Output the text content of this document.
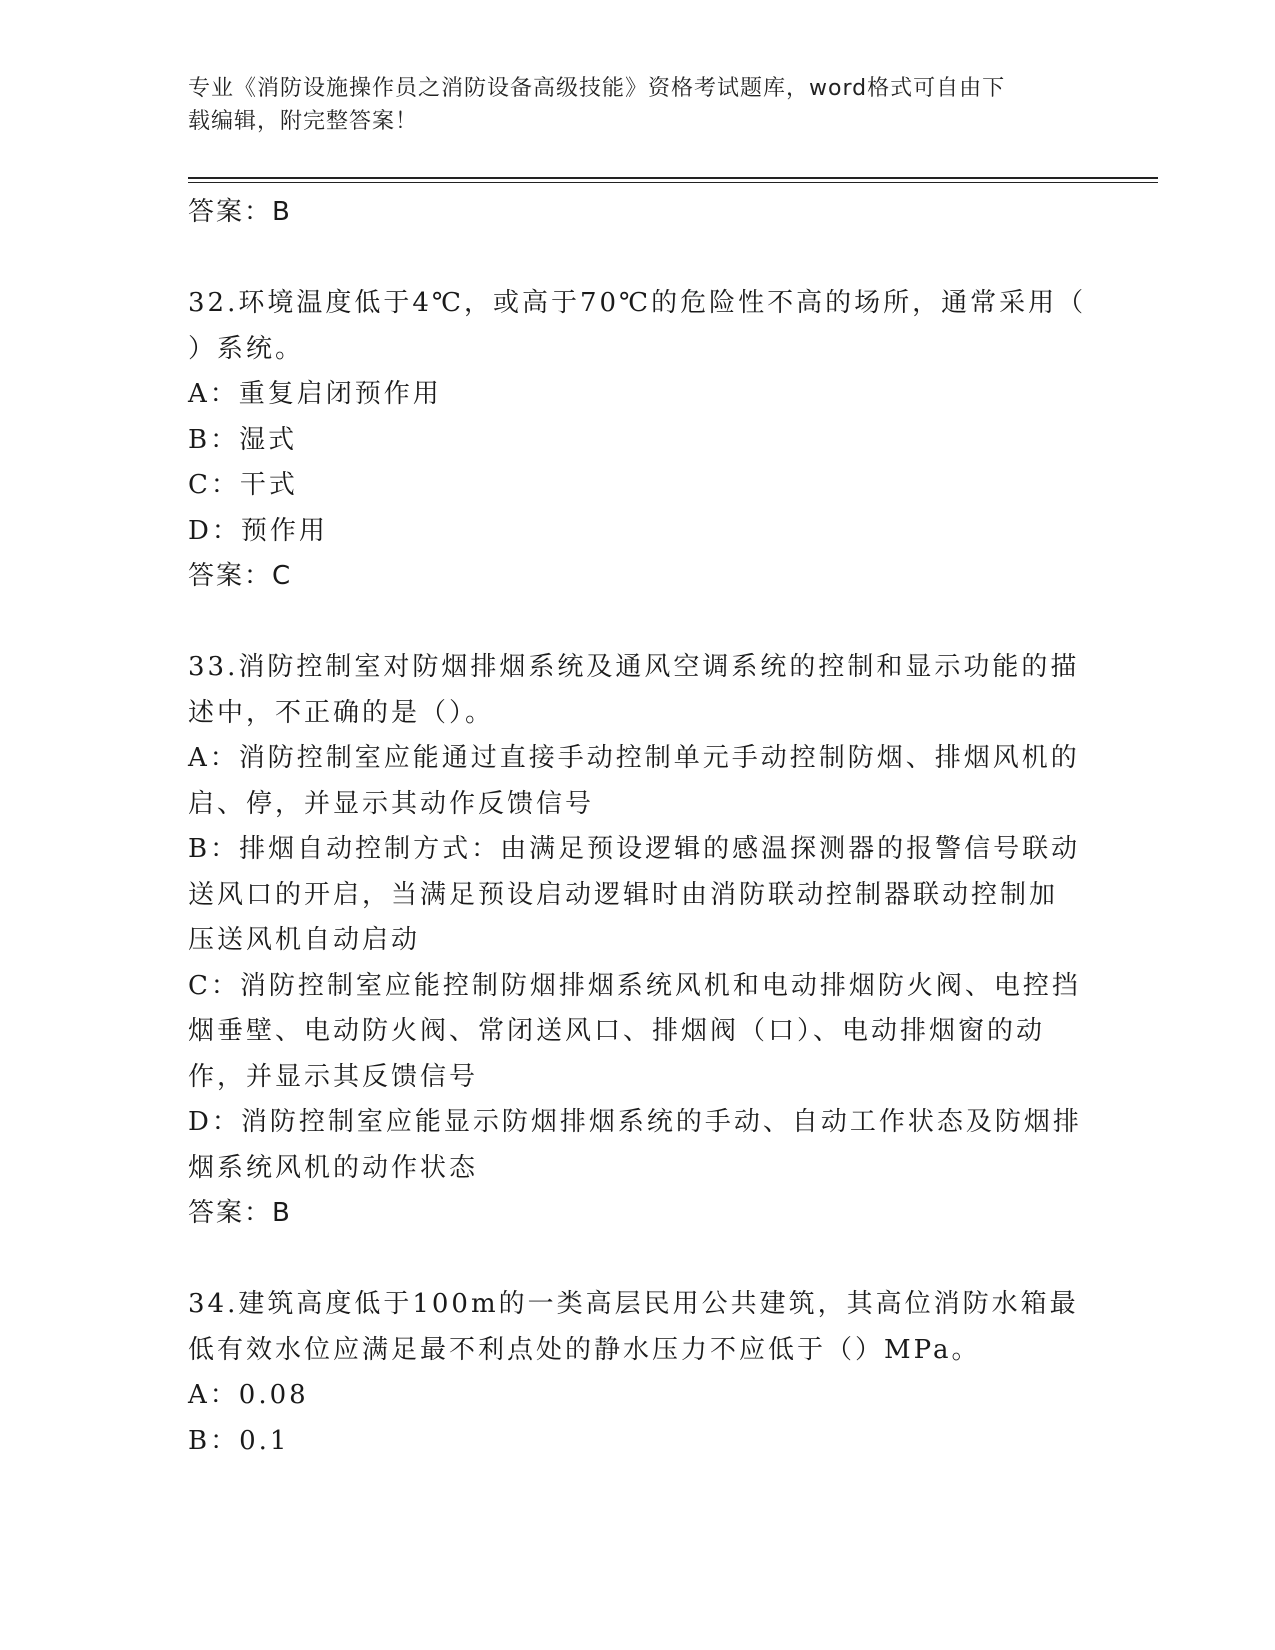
专业《消防设施操作员之消防设备高级技能》资格考试题库，word格式可自由下
载编辑，附完整答案！
答案：B
32.环境温度低于4℃，或高于70℃的危险性不高的场所，通常采用（
）系统。
A：重复启闭预作用
B：湿式
C：干式
D：预作用
答案：C
33.消防控制室对防烟排烟系统及通风空调系统的控制和显示功能的描
述中，不正确的是（）。
A：消防控制室应能通过直接手动控制单元手动控制防烟、排烟风机的
启、停，并显示其动作反馈信号
B：排烟自动控制方式：由满足预设逻辑的感温探测器的报警信号联动
送风口的开启，当满足预设启动逻辑时由消防联动控制器联动控制加
压送风机自动启动
C：消防控制室应能控制防烟排烟系统风机和电动排烟防火阀、电控挡
烟垂壁、电动防火阀、常闭送风口、排烟阀（口）、电动排烟窗的动
作，并显示其反馈信号
D：消防控制室应能显示防烟排烟系统的手动、自动工作状态及防烟排
烟系统风机的动作状态
答案：B
34.建筑高度低于100m的一类高层民用公共建筑，其高位消防水箱最
低有效水位应满足最不利点处的静水压力不应低于（）MPa。
A：0.08
B：0.1
